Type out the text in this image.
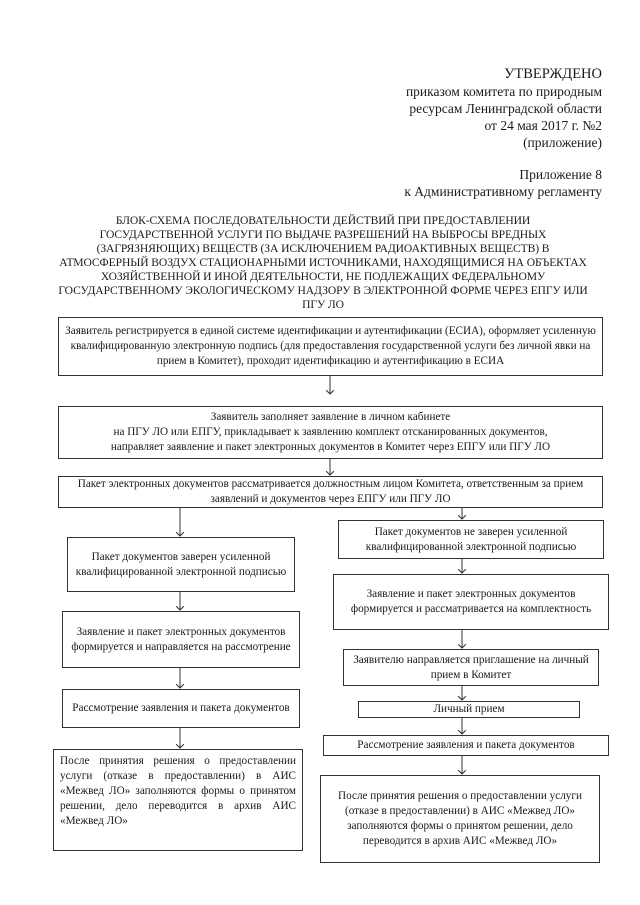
УТВЕРЖДЕНО
приказом комитета по природным
ресурсам Ленинградской области
от 24 мая 2017 г. №2
(приложение)
Приложение 8
к Административному регламенту
БЛОК-СХЕМА ПОСЛЕДОВАТЕЛЬНОСТИ ДЕЙСТВИЙ ПРИ ПРЕДОСТАВЛЕНИИ ГОСУДАРСТВЕННОЙ УСЛУГИ ПО ВЫДАЧЕ РАЗРЕШЕНИЙ НА ВЫБРОСЫ ВРЕДНЫХ (ЗАГРЯЗНЯЮЩИХ) ВЕЩЕСТВ (ЗА ИСКЛЮЧЕНИЕМ РАДИОАКТИВНЫХ ВЕЩЕСТВ) В АТМОСФЕРНЫЙ ВОЗДУХ СТАЦИОНАРНЫМИ ИСТОЧНИКАМИ, НАХОДЯЩИМИСЯ НА ОБЪЕКТАХ ХОЗЯЙСТВЕННОЙ И ИНОЙ ДЕЯТЕЛЬНОСТИ, НЕ ПОДЛЕЖАЩИХ ФЕДЕРАЛЬНОМУ ГОСУДАРСТВЕННОМУ ЭКОЛОГИЧЕСКОМУ НАДЗОРУ В ЭЛЕКТРОННОЙ ФОРМЕ ЧЕРЕЗ ЕПГУ ИЛИ ПГУ ЛО
Заявитель регистрируется в единой системе идентификации и аутентификации (ЕСИА), оформляет усиленную квалифицированную электронную подпись (для предоставления государственной услуги без личной явки на прием в Комитет), проходит идентификацию и аутентификацию в ЕСИА
Заявитель заполняет заявление в личном кабинете
на ПГУ ЛО или ЕПГУ, прикладывает к заявлению комплект отсканированных документов,
направляет заявление и пакет электронных документов в Комитет через ЕПГУ или ПГУ ЛО
Пакет электронных документов рассматривается должностным лицом Комитета, ответственным за прием заявлений и документов через ЕПГУ или ПГУ ЛО
Пакет документов заверен усиленной квалифицированной электронной подписью
Заявление и пакет электронных документов формируется и направляется на рассмотрение
Рассмотрение заявления и пакета документов
После принятия решения о предоставлении услуги (отказе в предоставлении) в АИС «Межвед ЛО» заполняются формы о принятом решении, дело переводится в архив АИС «Межвед ЛО»
Пакет документов не заверен усиленной квалифицированной электронной подписью
Заявление и пакет электронных документов формируется и рассматривается на комплектность
Заявителю направляется приглашение на личный прием в Комитет
Личный прием
Рассмотрение заявления и пакета документов
После принятия решения о предоставлении услуги (отказе в предоставлении) в АИС «Межвед ЛО» заполняются формы о принятом решении, дело переводится в архив АИС «Межвед ЛО»
